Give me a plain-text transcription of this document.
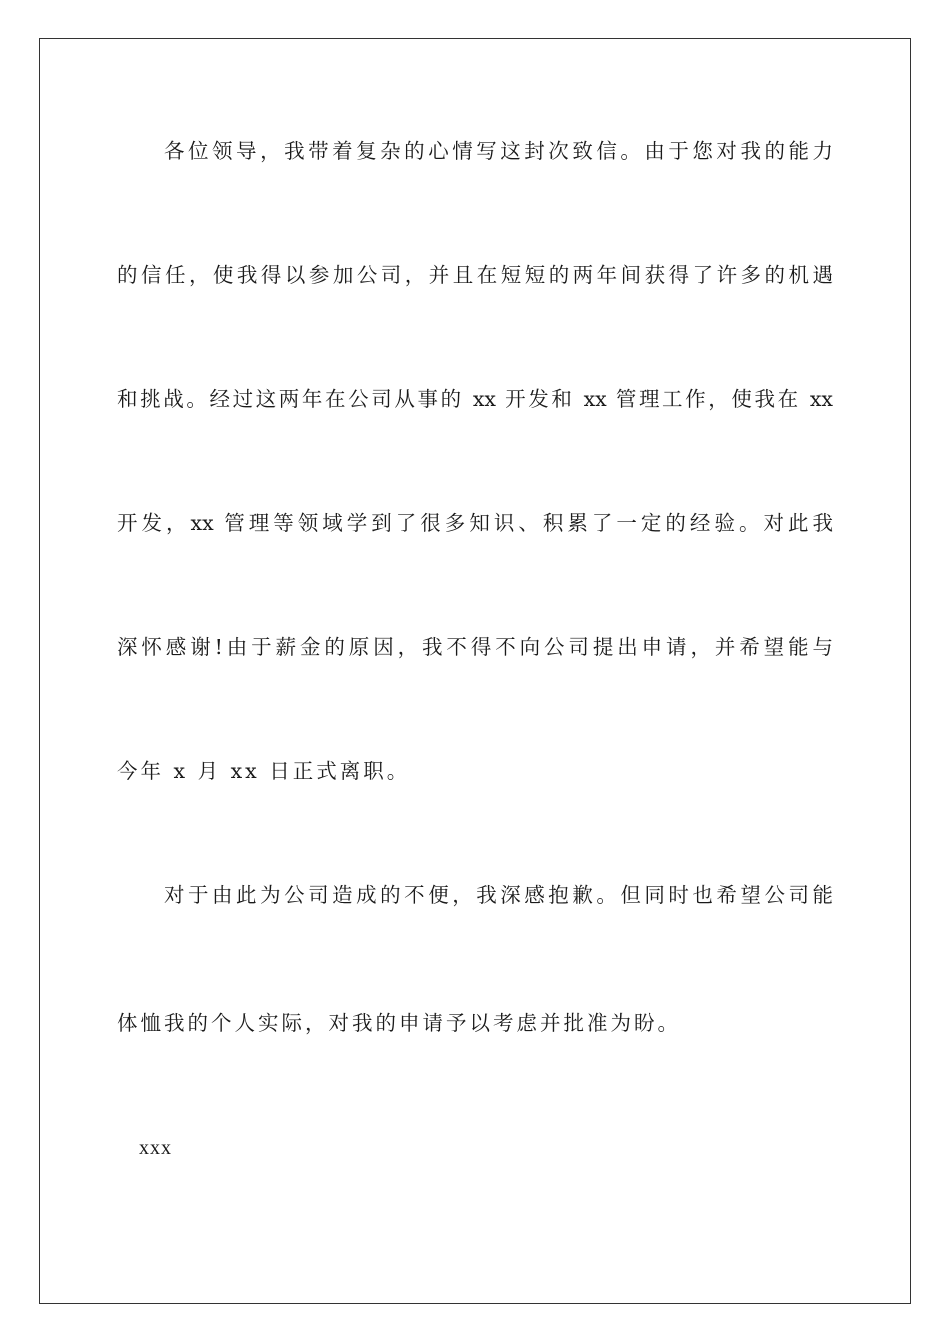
各位领导，我带着复杂的心情写这封次致信。由于您对我的能力
的信任，使我得以参加公司，并且在短短的两年间获得了许多的机遇
和挑战。经过这两年在公司从事的 xx 开发和 xx 管理工作，使我在 xx
开发，xx 管理等领域学到了很多知识、积累了一定的经验。对此我
深怀感谢!由于薪金的原因，我不得不向公司提出申请，并希望能与
今年 x 月 xx 日正式离职。
对于由此为公司造成的不便，我深感抱歉。但同时也希望公司能
体恤我的个人实际，对我的申请予以考虑并批准为盼。
xxx
